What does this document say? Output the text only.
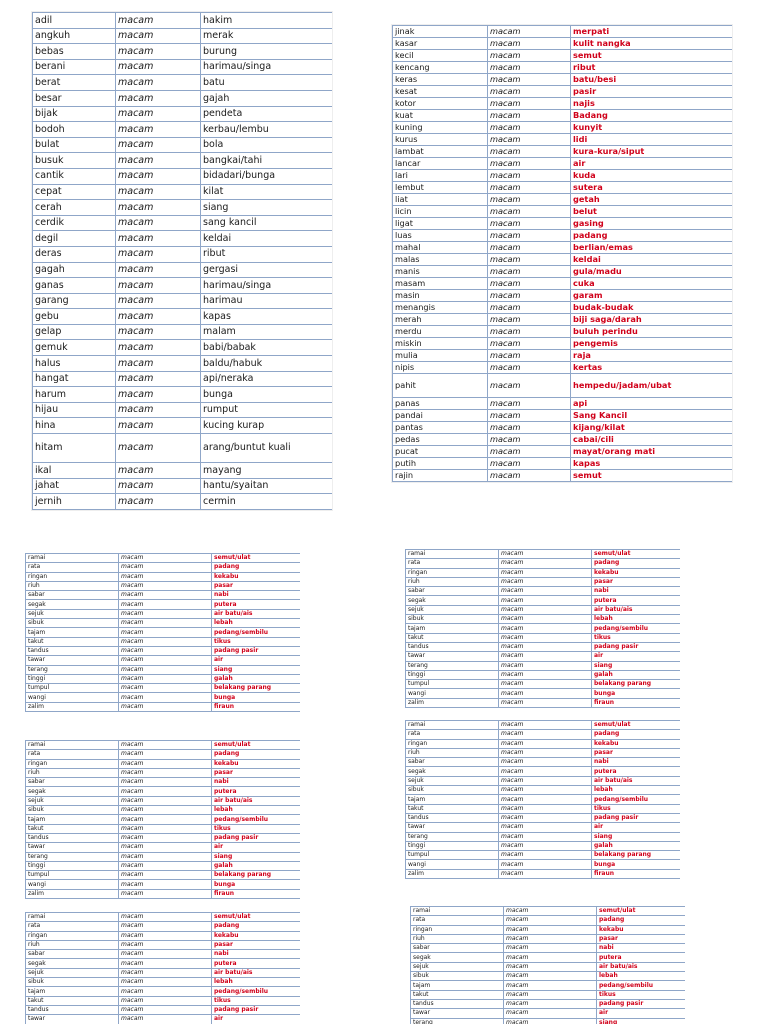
adil	macam	hakim
angkuh	macam	merak
bebas	macam	burung
berani	macam	harimau/singa
berat	macam	batu
besar	macam	gajah
bijak	macam	pendeta
bodoh	macam	kerbau/lembu
bulat	macam	bola
busuk	macam	bangkai/tahi
cantik	macam	bidadari/bunga
cepat	macam	kilat
cerah	macam	siang
cerdik	macam	sang kancil
degil	macam	keldai
deras	macam	ribut
gagah	macam	gergasi
ganas	macam	harimau/singa
garang	macam	harimau
gebu	macam	kapas
gelap	macam	malam
gemuk	macam	babi/babak
halus	macam	baldu/habuk
hangat	macam	api/neraka
harum	macam	bunga
hijau	macam	rumput
hina	macam	kucing kurap
hitam	macam	arang/buntut kuali
ikal	macam	mayang
jahat	macam	hantu/syaitan
jernih	macam	cermin
jinak	macam	merpati
kasar	macam	kulit nangka
kecil	macam	semut
kencang	macam	ribut
keras	macam	batu/besi
kesat	macam	pasir
kotor	macam	najis
kuat	macam	Badang
kuning	macam	kunyit
kurus	macam	lidi
lambat	macam	kura-kura/siput
lancar	macam	air
lari	macam	kuda
lembut	macam	sutera
liat	macam	getah
licin	macam	belut
ligat	macam	gasing
luas	macam	padang
mahal	macam	berlian/emas
malas	macam	keldai
manis	macam	gula/madu
masam	macam	cuka
masin	macam	garam
menangis	macam	budak-budak
merah	macam	biji saga/darah
merdu	macam	buluh perindu
miskin	macam	pengemis
mulia	macam	raja
nipis	macam	kertas
pahit	macam	hempedu/jadam/ubat
panas	macam	api
pandai	macam	Sang Kancil
pantas	macam	kijang/kilat
pedas	macam	cabai/cili
pucat	macam	mayat/orang mati
putih	macam	kapas
rajin	macam	semut
ramai	macam	semut/ulat
rata	macam	padang
ringan	macam	kekabu
riuh	macam	pasar
sabar	macam	nabi
segak	macam	putera
sejuk	macam	air batu/ais
sibuk	macam	lebah
tajam	macam	pedang/sembilu
takut	macam	tikus
tandus	macam	padang pasir
tawar	macam	air
terang	macam	siang
tinggi	macam	galah
tumpul	macam	belakang parang
wangi	macam	bunga
zalim	macam	firaun
ramai	macam	semut/ulat
rata	macam	padang
ringan	macam	kekabu
riuh	macam	pasar
sabar	macam	nabi
segak	macam	putera
sejuk	macam	air batu/ais
sibuk	macam	lebah
tajam	macam	pedang/sembilu
takut	macam	tikus
tandus	macam	padang pasir
tawar	macam	air
terang	macam	siang
tinggi	macam	galah
tumpul	macam	belakang parang
wangi	macam	bunga
zalim	macam	firaun
ramai	macam	semut/ulat
rata	macam	padang
ringan	macam	kekabu
riuh	macam	pasar
sabar	macam	nabi
segak	macam	putera
sejuk	macam	air batu/ais
sibuk	macam	lebah
tajam	macam	pedang/sembilu
takut	macam	tikus
tandus	macam	padang pasir
tawar	macam	air
terang	macam	siang
tinggi	macam	galah
tumpul	macam	belakang parang
wangi	macam	bunga
zalim	macam	firaun
ramai	macam	semut/ulat
rata	macam	padang
ringan	macam	kekabu
riuh	macam	pasar
sabar	macam	nabi
segak	macam	putera
sejuk	macam	air batu/ais
sibuk	macam	lebah
tajam	macam	pedang/sembilu
takut	macam	tikus
tandus	macam	padang pasir
tawar	macam	air
terang	macam	siang
tinggi	macam	galah
tumpul	macam	belakang parang
wangi	macam	bunga
zalim	macam	firaun
ramai	macam	semut/ulat
rata	macam	padang
ringan	macam	kekabu
riuh	macam	pasar
sabar	macam	nabi
segak	macam	putera
sejuk	macam	air batu/ais
sibuk	macam	lebah
tajam	macam	pedang/sembilu
takut	macam	tikus
tandus	macam	padang pasir
tawar	macam	air
ramai	macam	semut/ulat
rata	macam	padang
ringan	macam	kekabu
riuh	macam	pasar
sabar	macam	nabi
segak	macam	putera
sejuk	macam	air batu/ais
sibuk	macam	lebah
tajam	macam	pedang/sembilu
takut	macam	tikus
tandus	macam	padang pasir
tawar	macam	air
terang	macam	siang
